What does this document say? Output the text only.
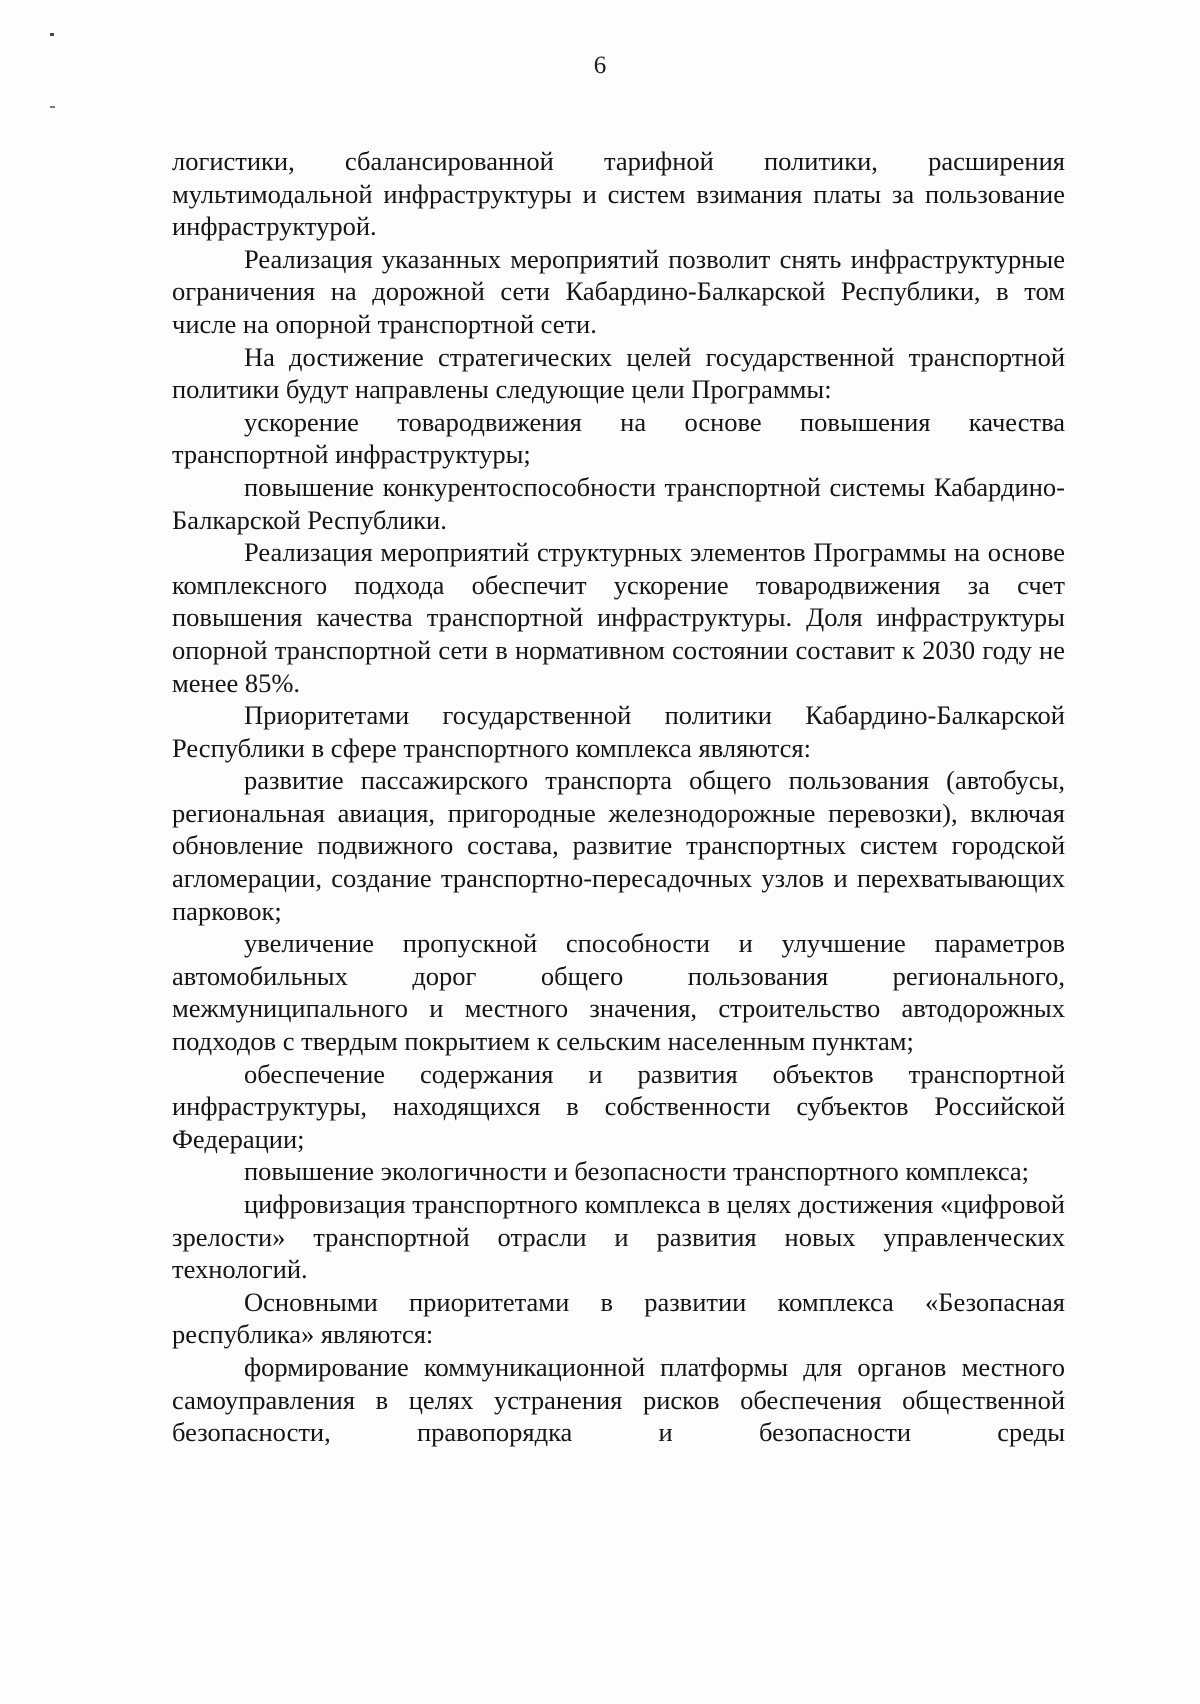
6

логистики, сбалансированной тарифной политики, расширения мультимодальной инфраструктуры и систем взимания платы за пользование инфраструктурой.

Реализация указанных мероприятий позволит снять инфраструктурные ограничения на дорожной сети Кабардино-Балкарской Республики, в том числе на опорной транспортной сети.

На достижение стратегических целей государственной транспортной политики будут направлены следующие цели Программы:

ускорение товародвижения на основе повышения качества транспортной инфраструктуры;

повышение конкурентоспособности транспортной системы Кабардино-Балкарской Республики.

Реализация мероприятий структурных элементов Программы на основе комплексного подхода обеспечит ускорение товародвижения за счет повышения качества транспортной инфраструктуры. Доля инфраструктуры опорной транспортной сети в нормативном состоянии составит к 2030 году не менее 85%.

Приоритетами государственной политики Кабардино-Балкарской Республики в сфере транспортного комплекса являются:

развитие пассажирского транспорта общего пользования (автобусы, региональная авиация, пригородные железнодорожные перевозки), включая обновление подвижного состава, развитие транспортных систем городской агломерации, создание транспортно-пересадочных узлов и перехватывающих парковок;

увеличение пропускной способности и улучшение параметров автомобильных дорог общего пользования регионального, межмуниципального и местного значения, строительство автодорожных подходов с твердым покрытием к сельским населенным пунктам;

обеспечение содержания и развития объектов транспортной инфраструктуры, находящихся в собственности субъектов Российской Федерации;

повышение экологичности и безопасности транспортного комплекса;

цифровизация транспортного комплекса в целях достижения «цифровой зрелости» транспортной отрасли и развития новых управленческих технологий.

Основными приоритетами в развитии комплекса «Безопасная республика» являются:

формирование коммуникационной платформы для органов местного самоуправления в целях устранения рисков обеспечения общественной безопасности, правопорядка и безопасности среды
